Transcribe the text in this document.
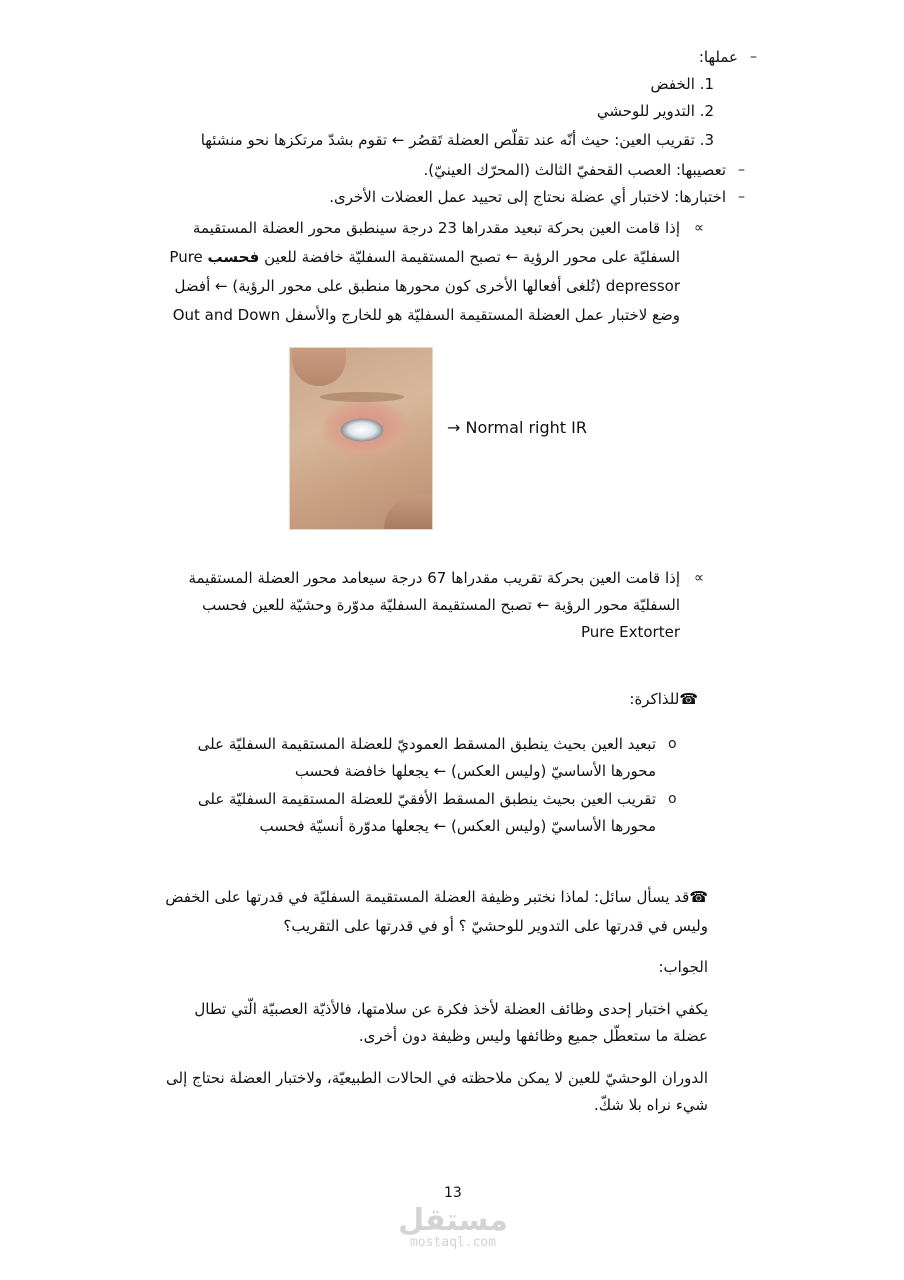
–
–
–
عملها:
1. الخفض
2. التدوير للوحشي
3. تقريب العين: حيث أنّه عند تقلّص العضلة تَقصُر ← تقوم بشدّ مرتكزها نحو منشئها
تعصيبها: العصب القحفيّ الثالث (المحرّك العينيّ).
اختبارها: لاختبار أي عضلة نحتاج إلى تحييد عمل العضلات الأخرى.
∝
إذا قامت العين بحركة تبعيد مقدراها 23 درجة سينطبق محور العضلة المستقيمة
السفليّة على محور الرؤية ← تصبح المستقيمة السفليّة خافضة للعين فحسب Pure
depressor (تُلغى أفعالها الأخرى كون محورها منطبق على محور الرؤية) ← أفضل
وضع لاختبار عمل العضلة المستقيمة السفليّة هو للخارج والأسفل Out and Down
→ Normal right IR
∝
إذا قامت العين بحركة تقريب مقدراها 67 درجة سيعامد محور العضلة المستقيمة
السفليّة محور الرؤية ← تصبح المستقيمة السفليّة مدوّرة وحشيّة للعين فحسب
Pure Extorter
☎للذاكرة:
o
تبعيد العين بحيث ينطبق المسقط العموديّ للعضلة المستقيمة السفليّة على
محورها الأساسيّ (وليس العكس) ← يجعلها خافضة فحسب
o
تقريب العين بحيث ينطبق المسقط الأفقيّ للعضلة المستقيمة السفليّة على
محورها الأساسيّ (وليس العكس) ← يجعلها مدوّرة أنسيّة فحسب
☎قد يسأل سائل: لماذا نختبر وظيفة العضلة المستقيمة السفليّة في قدرتها على الخفض
وليس في قدرتها على التدوير للوحشيّ ؟ أو في قدرتها على التقريب؟
الجواب:
يكفي اختبار إحدى وظائف العضلة لأخذ فكرة عن سلامتها، فالأذيّة العصبيّة الّتي تطال
عضلة ما ستعطّل جميع وظائفها وليس وظيفة دون أخرى.
الدوران الوحشيّ للعين لا يمكن ملاحظته في الحالات الطبيعيّة، ولاختبار العضلة نحتاج إلى
شيء نراه بلا شكّ.
13
مستقل
mostaql.com
